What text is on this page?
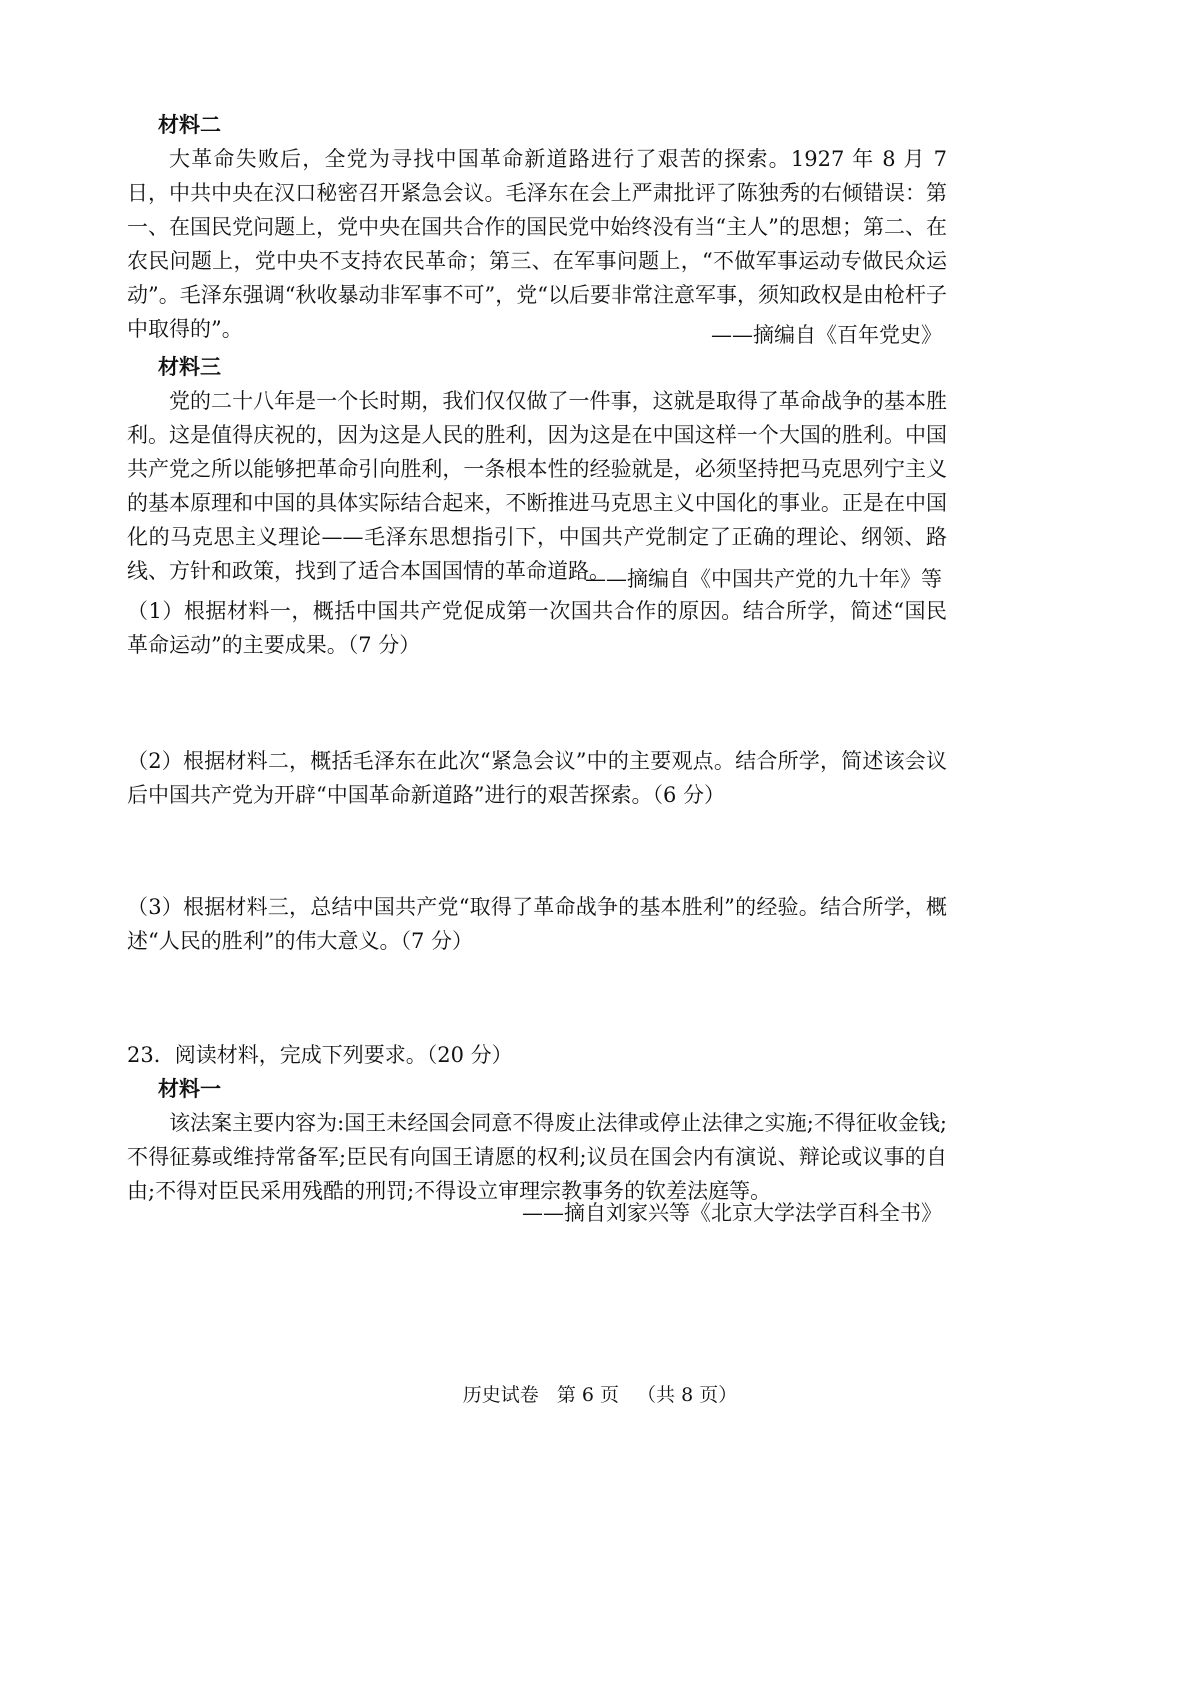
材料二

大革命失败后，全党为寻找中国革命新道路进行了艰苦的探索。1927 年 8 月 7 日，中共中央在汉口秘密召开紧急会议。毛泽东在会上严肃批评了陈独秀的右倾错误：第一、在国民党问题上，党中央在国共合作的国民党中始终没有当“主人”的思想；第二、在农民问题上，党中央不支持农民革命；第三、在军事问题上，“不做军事运动专做民众运动”。毛泽东强调“秋收暴动非军事不可”，党“以后要非常注意军事，须知政权是由枪杆子中取得的”。	——摘编自《百年党史》
材料三

党的二十八年是一个长时期，我们仅仅做了一件事，这就是取得了革命战争的基本胜利。这是值得庆祝的，因为这是人民的胜利，因为这是在中国这样一个大国的胜利。中国共产党之所以能够把革命引向胜利，一条根本性的经验就是，必须坚持把马克思列宁主义的基本原理和中国的具体实际结合起来，不断推进马克思主义中国化的事业。正是在中国化的马克思主义理论——毛泽东思想指引下，中国共产党制定了正确的理论、纲领、路线、方针和政策，找到了适合本国国情的革命道路。

——摘编自《中国共产党的九十年》等

（1）根据材料一，概括中国共产党促成第一次国共合作的原因。结合所学，简述“国民革命运动”的主要成果。（7 分）

（2）根据材料二，概括毛泽东在此次“紧急会议”中的主要观点。结合所学，简述该会议后中国共产党为开辟“中国革命新道路”进行的艰苦探索。（6 分）

（3）根据材料三，总结中国共产党“取得了革命战争的基本胜利”的经验。结合所学，概述“人民的胜利”的伟大意义。（7 分）

23．阅读材料，完成下列要求。（20 分）
材料一

该法案主要内容为:国王未经国会同意不得废止法律或停止法律之实施;不得征收金钱;不得征募或维持常备军;臣民有向国王请愿的权利;议员在国会内有演说、辩论或议事的自由;不得对臣民采用残酷的刑罚;不得设立审理宗教事务的钦差法庭等。

——摘自刘家兴等《北京大学法学百科全书》
历史试卷 第 6 页 （共 8 页）
